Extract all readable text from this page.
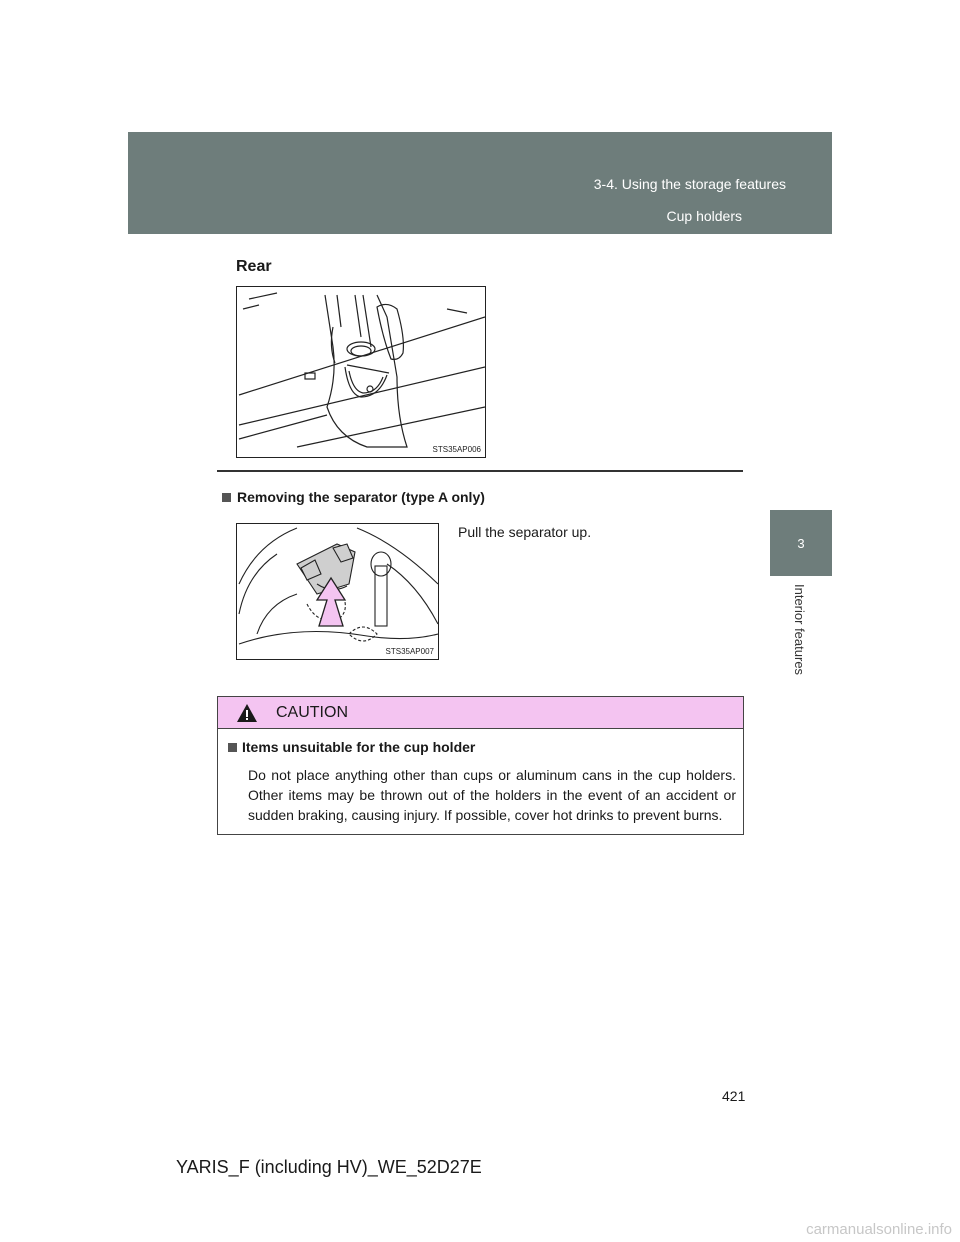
3-4. Using the storage features
Cup holders
3
Interior features
Rear
STS35AP006
Removing the separator (type A only)
STS35AP007
Pull the separator up.
CAUTION
Items unsuitable for the cup holder
Do not place anything other than cups or aluminum cans in the cup holders. Other items may be thrown out of the holders in the event of an accident or sudden braking, causing injury. If possible, cover hot drinks to prevent burns.
421
YARIS_F (including HV)_WE_52D27E
carmanualsonline.info
